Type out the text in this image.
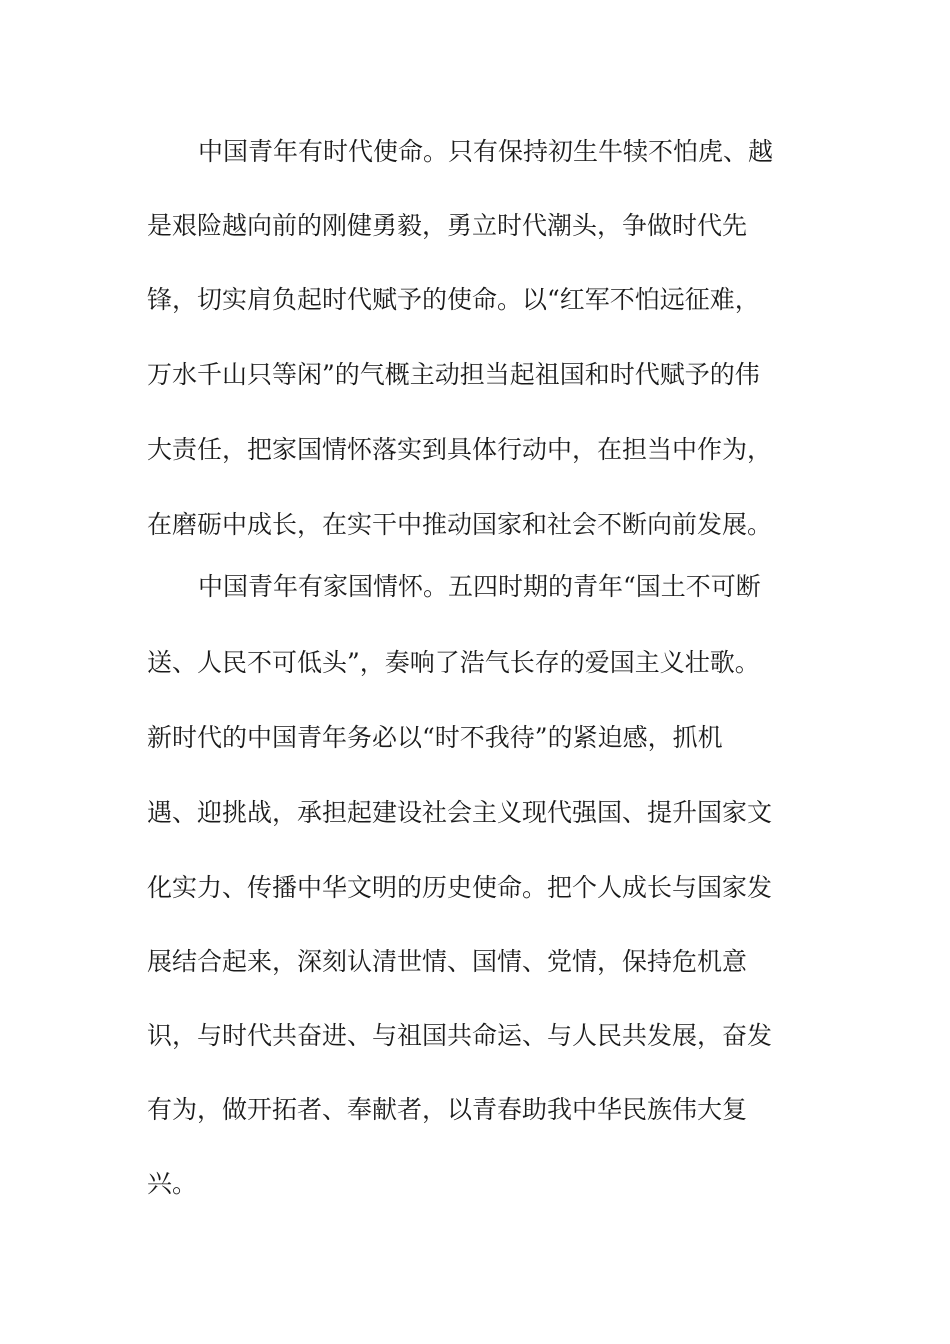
中国青年有时代使命。只有保持初生牛犊不怕虎、越
是艰险越向前的刚健勇毅，勇立时代潮头，争做时代先
锋，切实肩负起时代赋予的使命。以“红军不怕远征难，
万水千山只等闲”的气概主动担当起祖国和时代赋予的伟
大责任，把家国情怀落实到具体行动中，在担当中作为，
在磨砺中成长，在实干中推动国家和社会不断向前发展。
中国青年有家国情怀。五四时期的青年“国土不可断
送、人民不可低头”，奏响了浩气长存的爱国主义壮歌。
新时代的中国青年务必以“时不我待”的紧迫感，抓机
遇、迎挑战，承担起建设社会主义现代强国、提升国家文
化实力、传播中华文明的历史使命。把个人成长与国家发
展结合起来，深刻认清世情、国情、党情，保持危机意
识，与时代共奋进、与祖国共命运、与人民共发展，奋发
有为，做开拓者、奉献者，以青春助我中华民族伟大复
兴。
